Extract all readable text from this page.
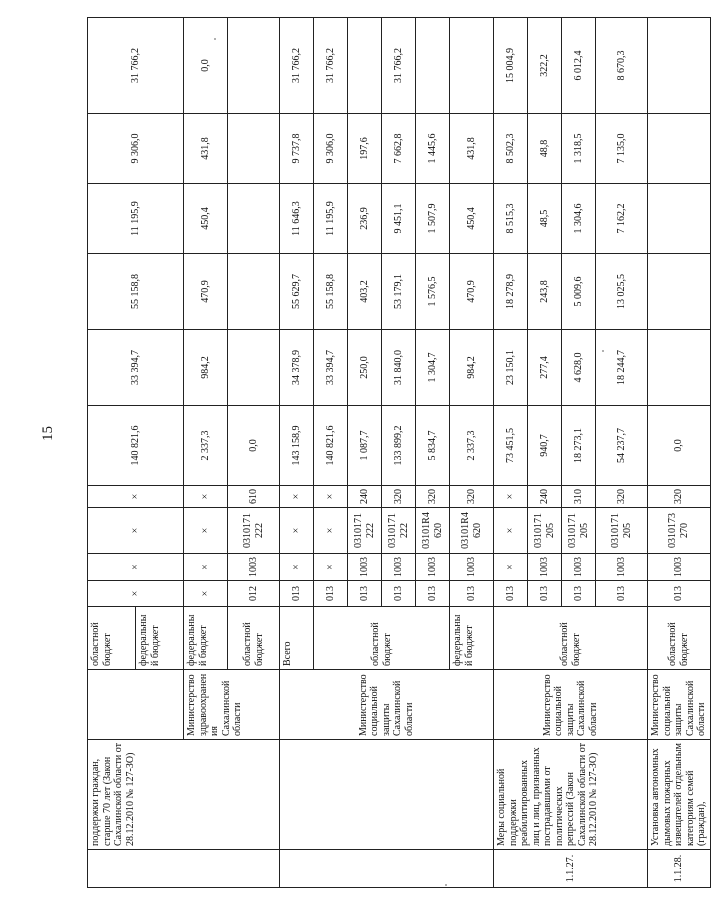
15
	поддержки граждан, старше 70 лет (Закон Сахалинской области от 28.12.2010 № 127-ЗО)		областной бюджет	×	×	×	×	140 821,6	33 394,7	55 158,8	11 195,9	9 306,0	31 766,2
			федеральный бюджет										
		Министерство здравоохранения Сахалинской области	федеральный бюджет	×	×	×	×	2 337,3	984,2	470,9	450,4	431,8	0,0
			областной бюджет	012	1003	0310171222	610	0,0					
		Министерство социальной защиты Сахалинской области	Всего	013	×	×	×	143 158,9	34 378,9	55 629,7	11 646,3	9 737,8	31 766,2
			областной бюджет	013	×	×	×	140 821,6	33 394,7	55 158,8	11 195,9	9 306,0	31 766,2
				013	1003	0310171222	240	1 087,7	250,0	403,2	236,9	197,6	
				013	1003	0310171222	320	133 899,2	31 840,0	53 179,1	9 451,1	7 662,8	31 766,2
				013	1003	03101R4620	320	5 834,7	1 304,7	1 576,5	1 507,9	1 445,6	
			федеральный бюджет	013	1003	03101R4620	320	2 337,3	984,2	470,9	450,4	431,8	
1.1.27.	Меры социальной поддержки реабилитированных лиц и лиц, признанных пострадавшими от политических репрессий (Закон Сахалинской области от 28.12.2010 № 127-ЗО)	Министерство социальной защиты Сахалинской области	областной бюджет	013	×	×	×	73 451,5	23 150,1	18 278,9	8 515,3	8 502,3	15 004,9
				013	1003	0310171205	240	940,7	277,4	243,8	48,5	48,8	322,2
				013	1003	0310171205	310	18 273,1	4 628,0	5 009,6	1 304,6	1 318,5	6 012,4
				013	1003	0310171205	320	54 237,7	18 244,7	13 025,5	7 162,2	7 135,0	8 670,3
1.1.28.	Установка автономных дымовых пожарных извещателей отдельным категориям семей (граждан),	Министерство социальной защиты Сахалинской области	областной бюджет	013	1003	0310173270	320	0,0					
